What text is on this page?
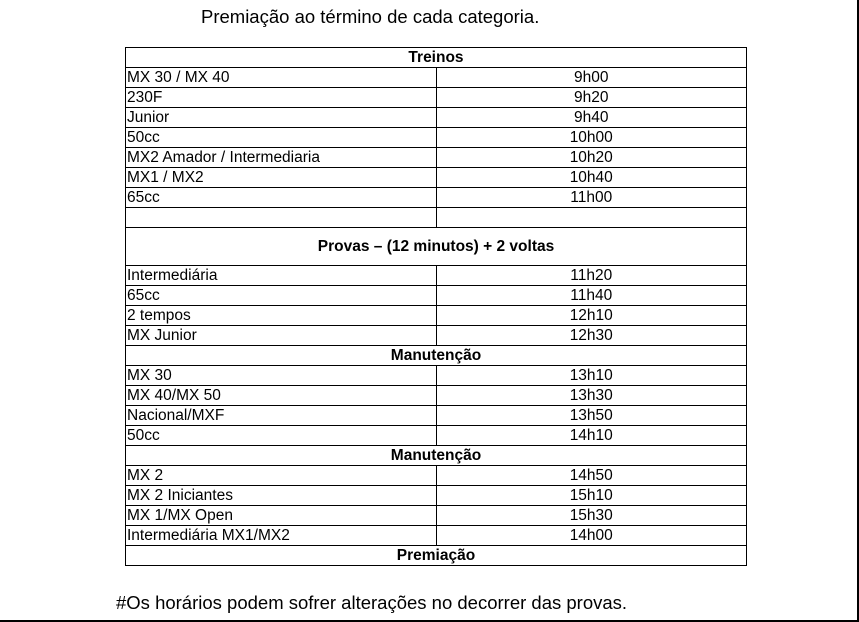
Premiação ao término de cada categoria.
Treinos	
MX 30 / MX 40	9h00
230F	9h20
Junior	9h40
50cc	10h00
MX2 Amador / Intermediaria	10h20
MX1 / MX2	10h40
65cc	11h00

Provas – (12 minutos) + 2 voltas	
Intermediária	11h20
65cc	11h40
2 tempos	12h10
MX Junior	12h30
Manutenção	
MX 30	13h10
MX 40/MX 50	13h30
Nacional/MXF	13h50
50cc	14h10
Manutenção	
MX 2	14h50
MX 2 Iniciantes	15h10
MX 1/MX Open	15h30
Intermediária MX1/MX2	14h00
Premiação	
#Os horários podem sofrer alterações no decorrer das provas.
